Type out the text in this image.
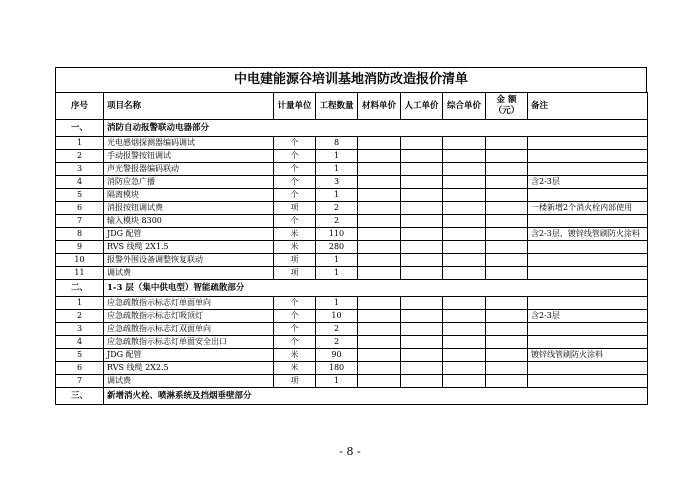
中电建能源谷培训基地消防改造报价清单
序号	项目名称	计量单位	工程数量	材料单价	人工单价	综合单价	金 额（元）	备注
一、	消防自动报警联动电器部分							
1	光电感烟探测器编码调试	个	8					
2	手动报警按钮调试	个	1					
3	声光警报器编码联动	个	1					
4	消防应急广播	个	3					含2-3层
5	隔离模块	个	1					
6	消报按钮调试费	项	2					一楼新增2个消火栓内部使用
7	输入模块 8300	个	2					
8	JDG 配管	米	110					含2-3层，镀锌线管刷防火涂料
9	RVS 线缆 2X1.5	米	280					
10	报警外围设备调整恢复联动	项	1					
11	调试费	项	1					
二、	1-3 层（集中供电型）智能疏散部分							
1	应急疏散指示标志灯单面单向	个	1					
2	应急疏散指示标志灯吸顶灯	个	10					含2-3层
3	应急疏散指示标志灯双面单向	个	2					
4	应急疏散指示标志灯单面安全出口	个	2					
5	JDG 配管	米	90					镀锌线管刷防火涂料
6	RVS 线缆 2X2.5	米	180					
7	调试费	项	1					
三、	新增消火栓、喷淋系统及挡烟垂壁部分							
- 8 -
